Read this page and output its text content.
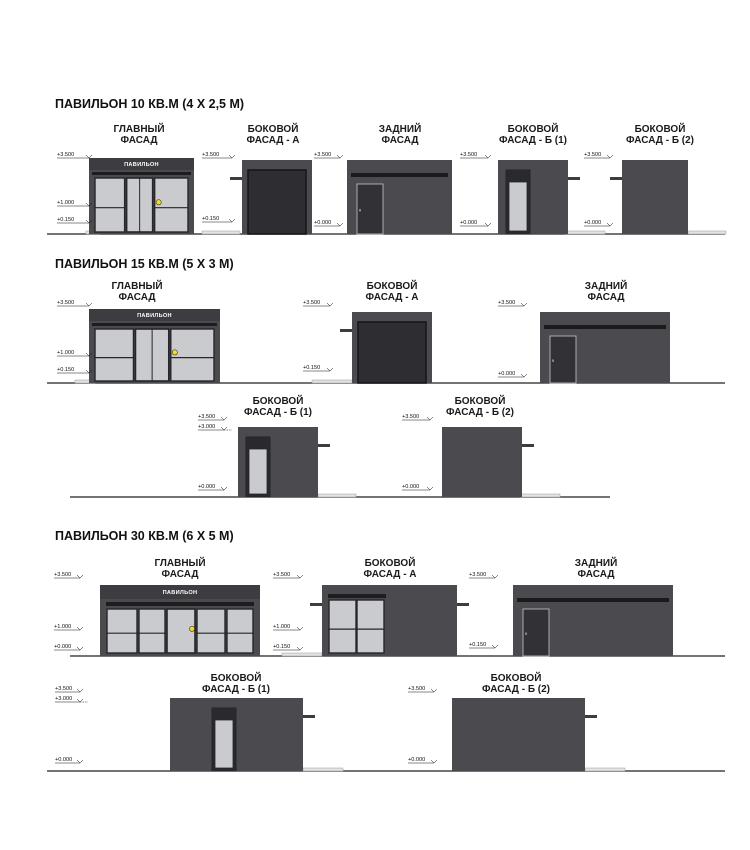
ПАВИЛЬОН 10 КВ.М (4 Х 2,5 М)
ГЛАВНЫЙ
ФАСАД
ПАВИЛЬОН
+3.500
+1.000
+0.150
БОКОВОЙ
ФАСАД - А
+3.500
+0.150
ЗАДНИЙ
ФАСАД
+3.500
+0.000
БОКОВОЙ
ФАСАД - Б (1)
+3.500
+0.000
БОКОВОЙ
ФАСАД - Б (2)
+3.500
+0.000
ПАВИЛЬОН 15 КВ.М (5 Х 3 М)
ГЛАВНЫЙ
ФАСАД
ПАВИЛЬОН
+3.500
+1.000
+0.150
БОКОВОЙ
ФАСАД - А
+3.500
+0.150
ЗАДНИЙ
ФАСАД
+3.500
+0.000
БОКОВОЙ
ФАСАД - Б (1)
+3.500
+3.000
+0.000
БОКОВОЙ
ФАСАД - Б (2)
+3.500
+0.000
ПАВИЛЬОН 30 КВ.М (6 Х 5 М)
ГЛАВНЫЙ
ФАСАД
ПАВИЛЬОН
+3.500
+1.000
+0.000
БОКОВОЙ
ФАСАД - А
+3.500
+1.000
+0.150
ЗАДНИЙ
ФАСАД
+3.500
+0.150
БОКОВОЙ
ФАСАД - Б (1)
+3.500
+3.000
+0.000
БОКОВОЙ
ФАСАД - Б (2)
+3.500
+0.000
